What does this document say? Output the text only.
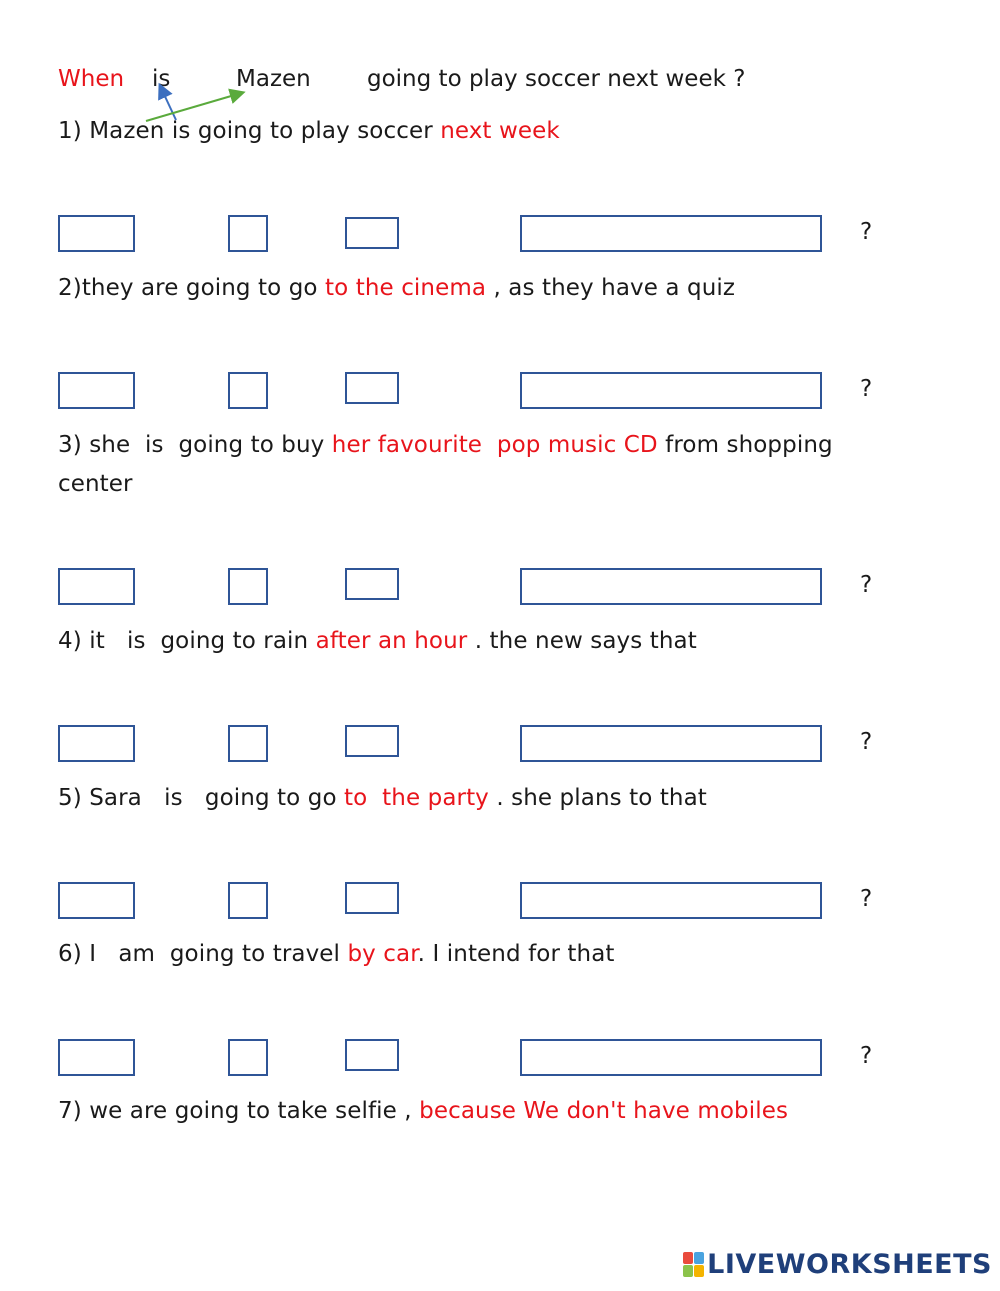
When is	Mazen going to play soccer next week ?
1) Mazen is going to play soccer next week
?
2)they are going to go to the cinema , as they have a quiz
?
3) she  is  going to buy her favourite  pop music CD from shopping
center
?
4) it   is  going to rain after an hour . the new says that
?
5) Sara   is   going to go to  the party . she plans to that
?
6) I   am  going to travel by car. I intend for that
?
7) we are going to take selfie , because We don't have mobiles
LIVEWORKSHEETS
